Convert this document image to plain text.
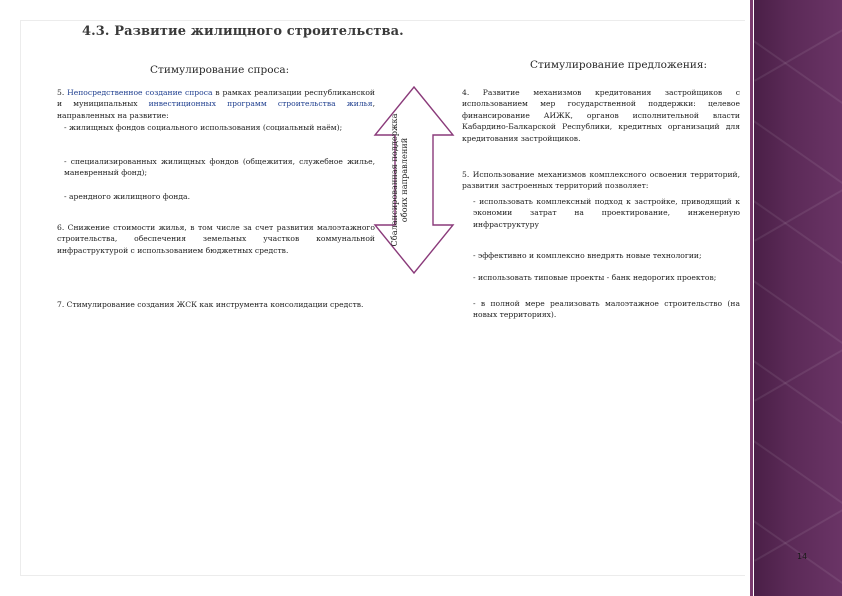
4.3. Развитие жилищного строительства.
Стимулирование спроса:	Стимулирование предложения:
5. Непосредственное создание спроса в рамках реализации республиканской и муниципальных инвестиционных программ строительства жилья, направленных на развитие:
- жилищных фондов социального использования (социальный наём);
- специализированных жилищных фондов (общежития, служебное жилье, маневренный фонд);
- арендного жилищного фонда.
6. Снижение стоимости жилья, в том числе за счет развития малоэтажного строительства, обеспечения земельных участков коммунальной инфраструктурой с использованием бюджетных средств.
7. Стимулирование создания ЖСК как инструмента консолидации средств.
Сбалансированная поддержка обоих направлений
4. Развитие механизмов кредитования застройщиков с использованием мер государственной поддержки: целевое финансирование АИЖК, органов исполнительной власти Кабардино-Балкарской Республики, кредитных организаций для кредитования застройщиков.
5. Использование механизмов комплексного освоения территорий, развития застроенных территорий позволяет:
- использовать комплексный подход к застройке, приводящий к экономии затрат на проектирование, инженерную инфраструктуру
- эффективно и комплексно внедрять новые технологии;
- использовать типовые проекты - банк недорогих проектов;
- в полной мере реализовать малоэтажное строительство (на новых территориях).
14
